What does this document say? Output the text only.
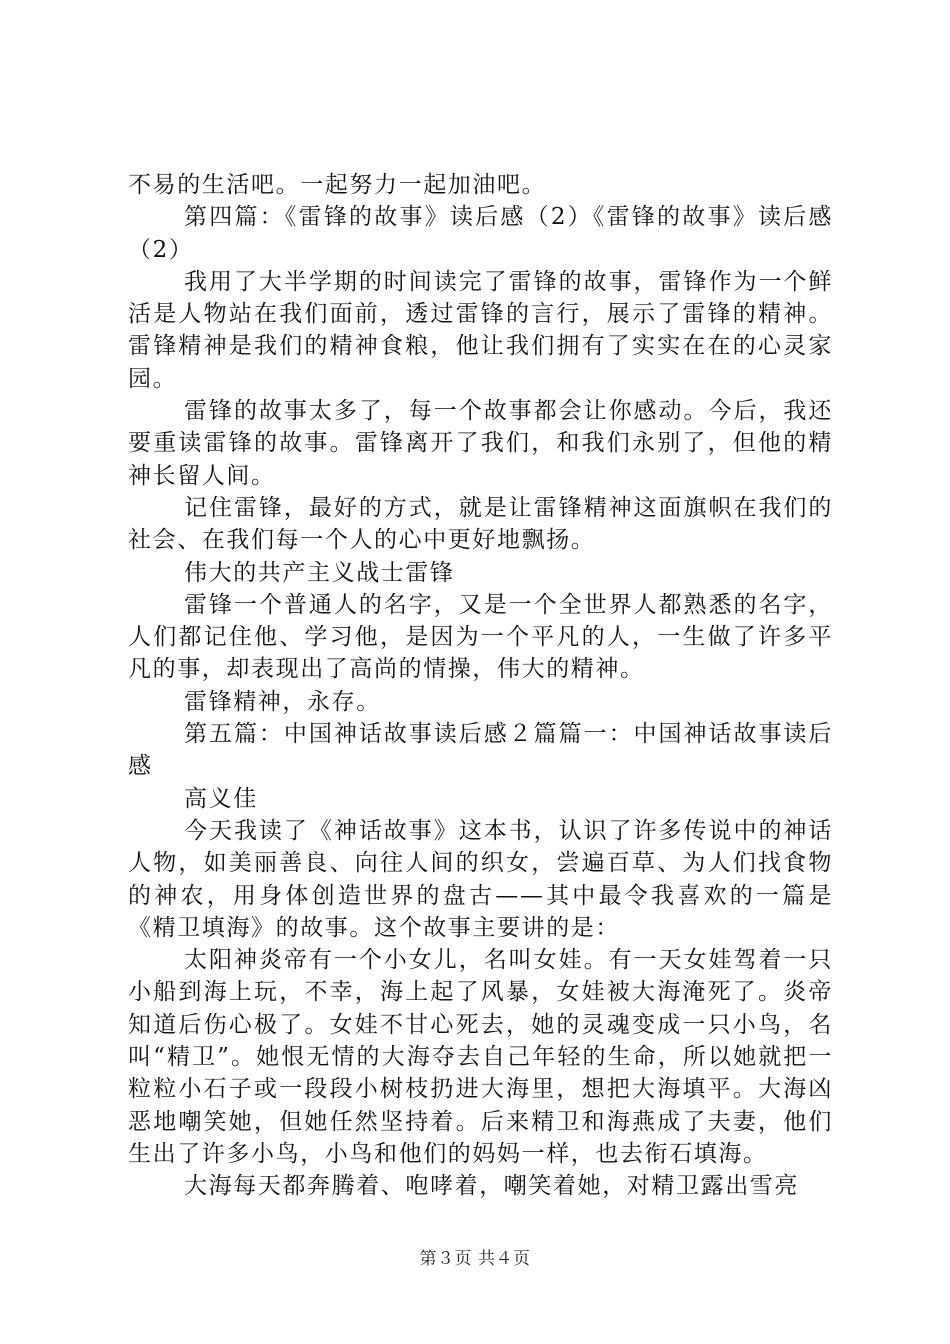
不易的生活吧。一起努力一起加油吧。

第四篇：《雷锋的故事》读后感（2）《雷锋的故事》读后感（2）

我用了大半学期的时间读完了雷锋的故事，雷锋作为一个鲜活是人物站在我们面前，透过雷锋的言行，展示了雷锋的精神。雷锋精神是我们的精神食粮，他让我们拥有了实实在在的心灵家园。

雷锋的故事太多了，每一个故事都会让你感动。今后，我还要重读雷锋的故事。雷锋离开了我们，和我们永别了，但他的精神长留人间。

记住雷锋，最好的方式，就是让雷锋精神这面旗帜在我们的社会、在我们每一个人的心中更好地飘扬。

伟大的共产主义战士雷锋

雷锋一个普通人的名字，又是一个全世界人都熟悉的名字，人们都记住他、学习他，是因为一个平凡的人，一生做了许多平凡的事，却表现出了高尚的情操，伟大的精神。

雷锋精神，永存。

第五篇：中国神话故事读后感２篇篇一：中国神话故事读后感

高义佳

今天我读了《神话故事》这本书，认识了许多传说中的神话人物，如美丽善良、向往人间的织女，尝遍百草、为人们找食物的神农，用身体创造世界的盘古——其中最令我喜欢的一篇是《精卫填海》的故事。这个故事主要讲的是：

太阳神炎帝有一个小女儿，名叫女娃。有一天女娃驾着一只小船到海上玩，不幸，海上起了风暴，女娃被大海淹死了。炎帝知道后伤心极了。女娃不甘心死去，她的灵魂变成一只小鸟，名叫“精卫”。她恨无情的大海夺去自己年轻的生命，所以她就把一粒粒小石子或一段段小树枝扔进大海里，想把大海填平。大海凶恶地嘲笑她，但她任然坚持着。后来精卫和海燕成了夫妻，他们生出了许多小鸟，小鸟和他们的妈妈一样，也去衔石填海。

大海每天都奔腾着、咆哮着，嘲笑着她，对精卫露出雪亮

第３页 共４页
